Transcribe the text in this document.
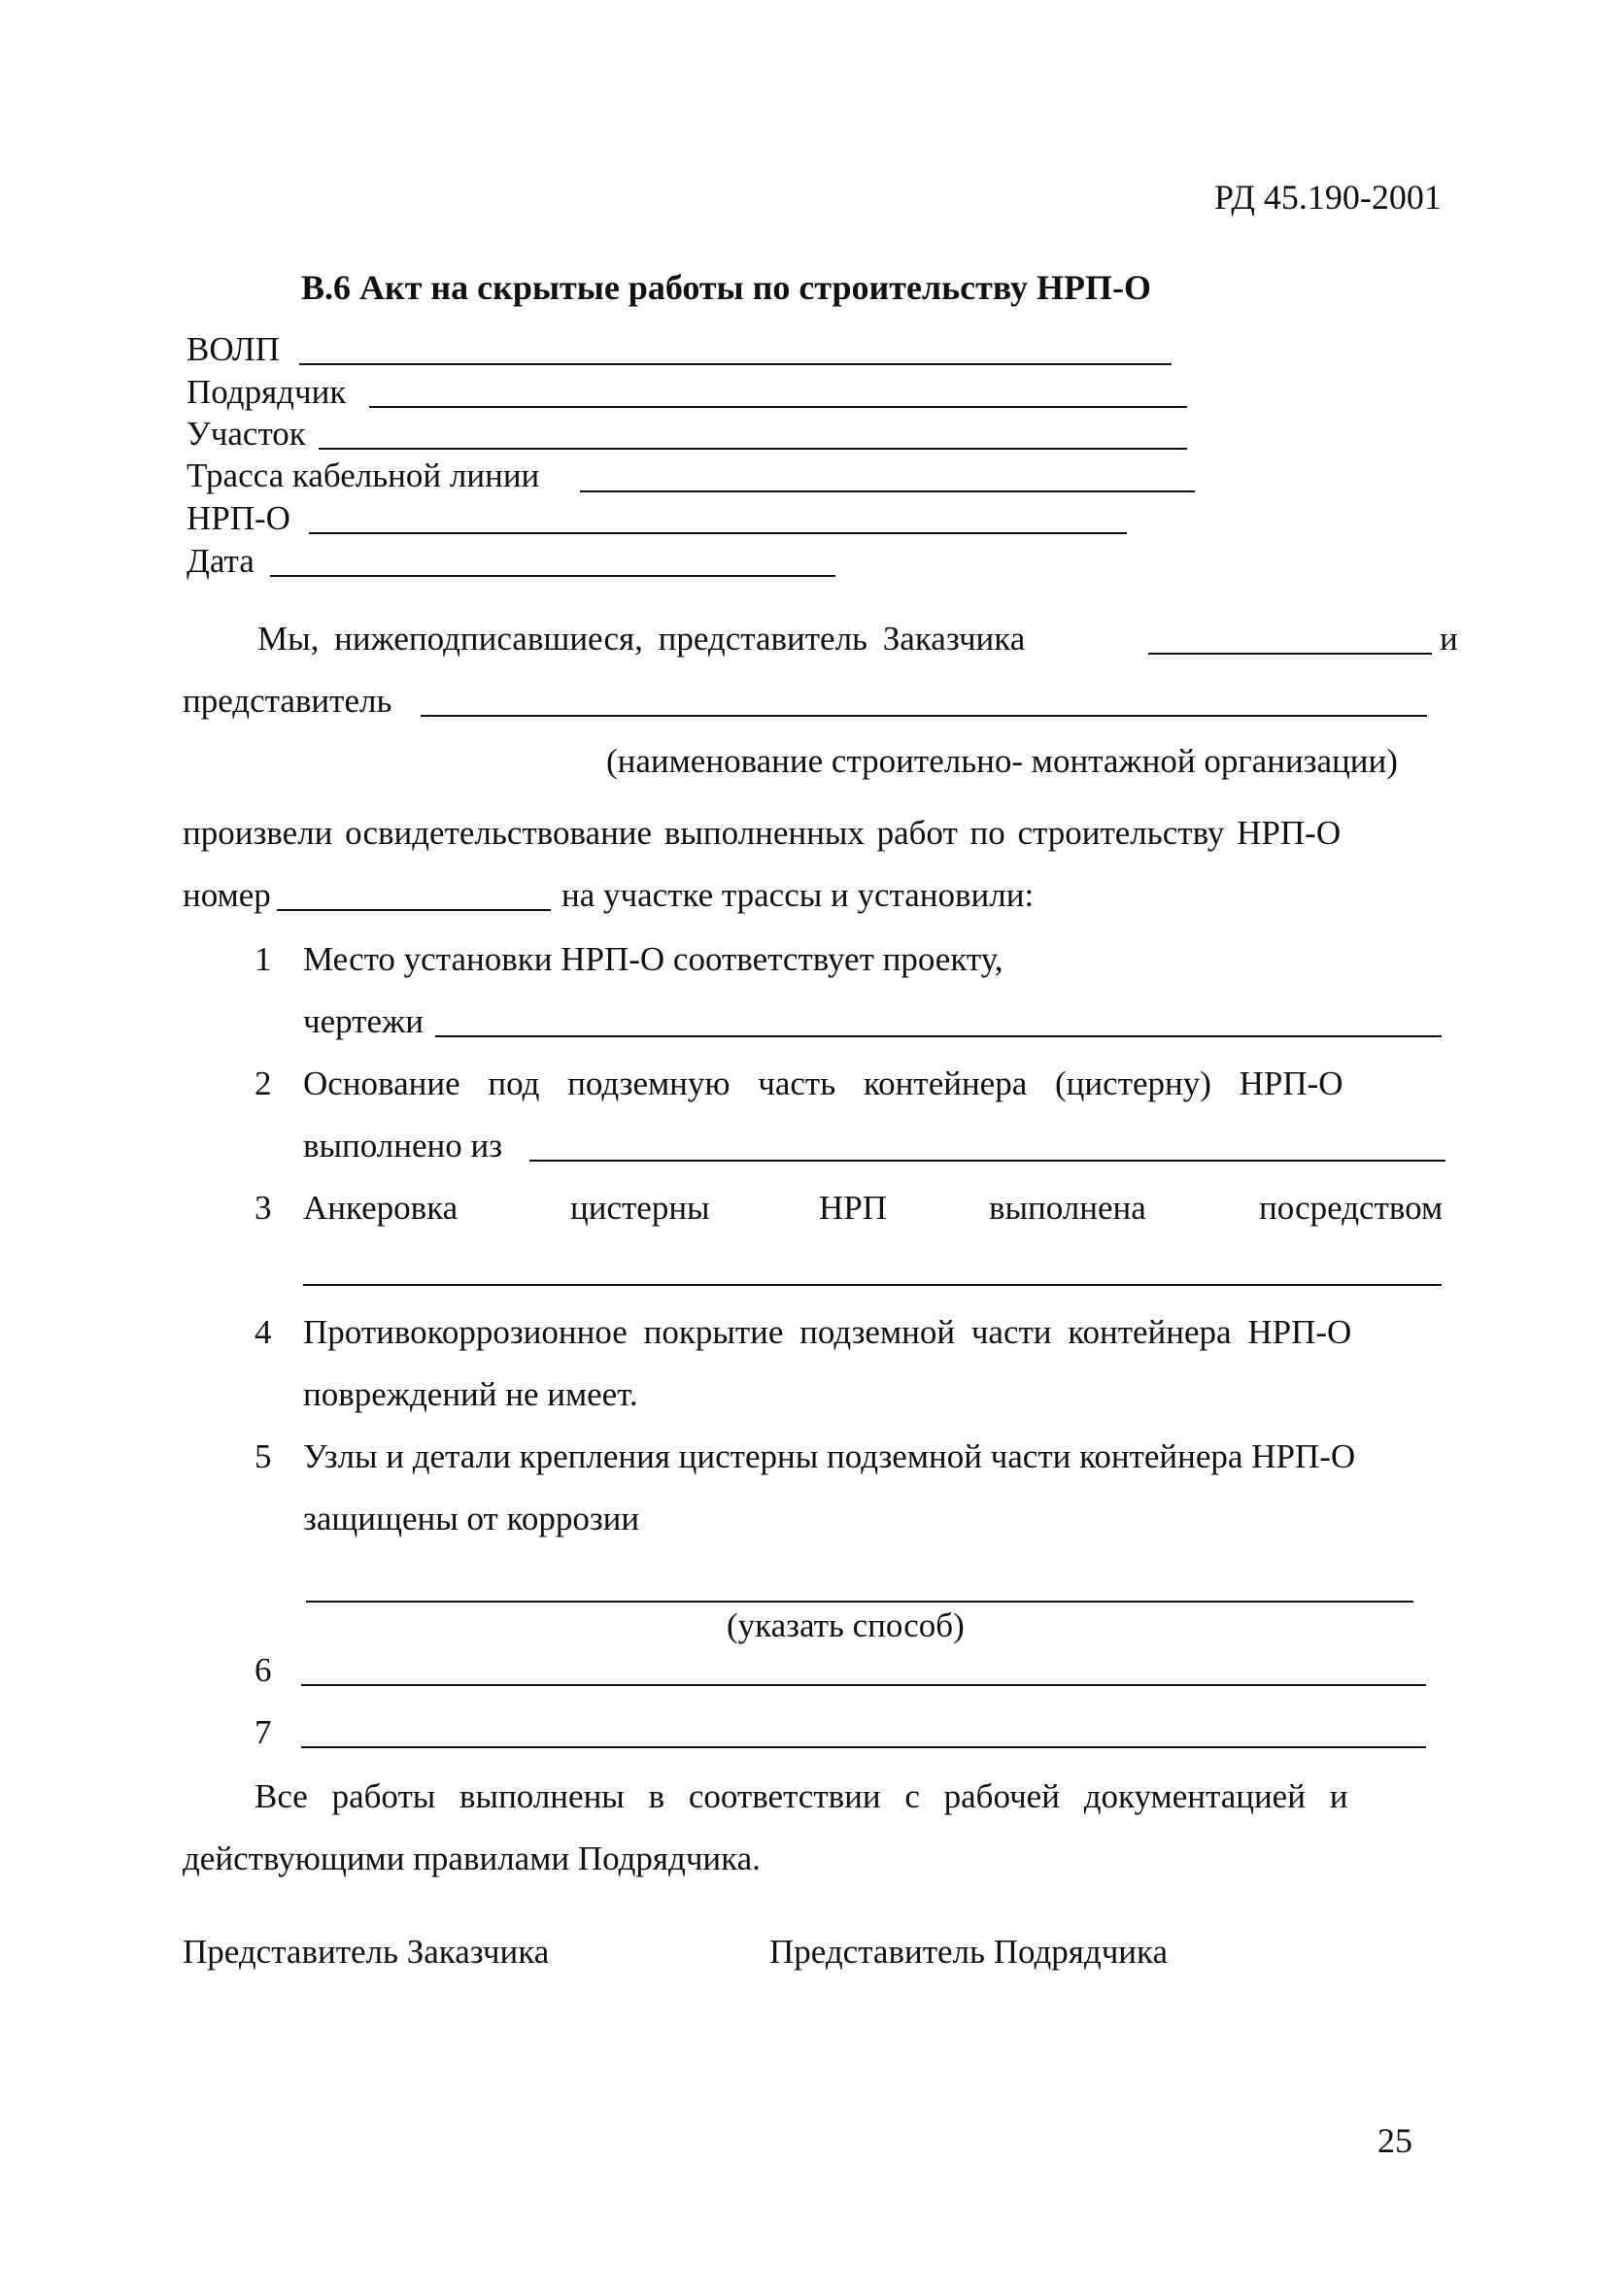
РД 45.190-2001
В.6 Акт на скрытые работы по строительству НРП-О
ВОЛП
Подрядчик
Участок
Трасса кабельной линии
НРП-О
Дата
Мы, нижеподписавшиеся, представитель Заказчика	и
представитель
(наименование строительно- монтажной организации)
произвели освидетельствование выполненных работ по строительству НРП-О
номер	на участке трассы и установили:
1 Место установки НРП-О соответствует проекту,
чертежи
2 Основание под подземную часть контейнера (цистерну) НРП-О
выполнено из
3 Анкеровка	цистерны	НРП	выполнена	посредством
4 Противокоррозионное покрытие подземной части контейнера НРП-О
повреждений не имеет.
5 Узлы и детали крепления цистерны подземной части контейнера НРП-О
защищены от коррозии
(указать способ)
6
7
Все работы выполнены в соответствии с рабочей документацией и
действующими правилами Подрядчика.
Представитель Заказчика	Представитель Подрядчика
25
